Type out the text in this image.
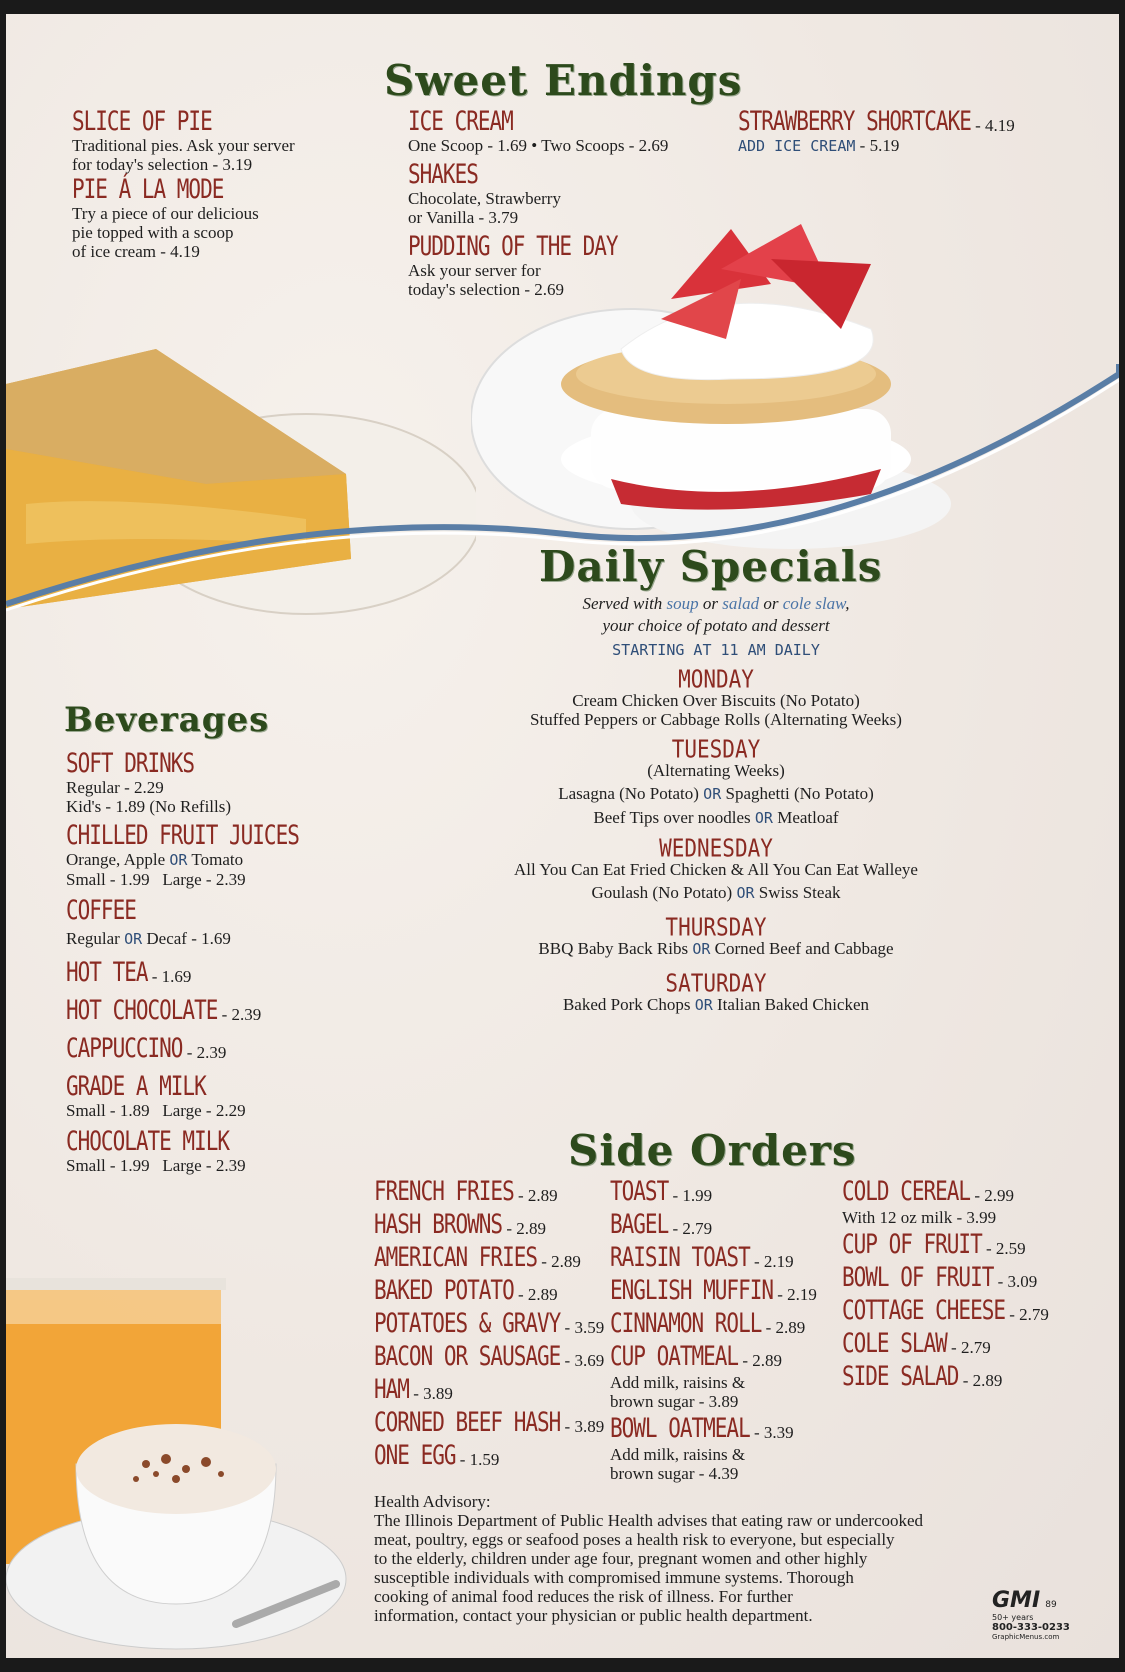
Sweet Endings
SLICE OF PIE
Traditional pies. Ask your server
for today's selection - 3.19
PIE Á LA MODE
Try a piece of our delicious
pie topped with a scoop
of ice cream - 4.19
ICE CREAM
One Scoop - 1.69 • Two Scoops - 2.69
SHAKES
Chocolate, Strawberry
or Vanilla - 3.79
PUDDING OF THE DAY
Ask your server for
today's selection - 2.69
STRAWBERRY SHORTCAKE - 4.19
ADD ICE CREAM - 5.19
Daily Specials
Served with soup or salad or cole slaw,
your choice of potato and dessert
STARTING AT 11 AM DAILY
MONDAY
Cream Chicken Over Biscuits (No Potato)
Stuffed Peppers or Cabbage Rolls (Alternating Weeks)
TUESDAY
(Alternating Weeks)
Lasagna (No Potato) OR Spaghetti (No Potato)
Beef Tips over noodles OR Meatloaf
WEDNESDAY
All You Can Eat Fried Chicken & All You Can Eat Walleye
Goulash (No Potato) OR Swiss Steak
THURSDAY
BBQ Baby Back Ribs OR Corned Beef and Cabbage
SATURDAY
Baked Pork Chops OR Italian Baked Chicken
Beverages
SOFT DRINKS
Regular - 2.29
Kid's - 1.89 (No Refills)
CHILLED FRUIT JUICES
Orange, Apple OR Tomato
Small - 1.99   Large - 2.39
COFFEE
Regular OR Decaf - 1.69
HOT TEA - 1.69
HOT CHOCOLATE - 2.39
CAPPUCCINO - 2.39
GRADE A MILK
Small - 1.89   Large - 2.29
CHOCOLATE MILK
Small - 1.99   Large - 2.39	Side Orders
FRENCH FRIES - 2.89
HASH BROWNS - 2.89
AMERICAN FRIES - 2.89
BAKED POTATO - 2.89
POTATOES & GRAVY - 3.59
BACON OR SAUSAGE - 3.69
HAM - 3.89
CORNED BEEF HASH - 3.89
ONE EGG - 1.59
TOAST - 1.99
BAGEL - 2.79
RAISIN TOAST - 2.19
ENGLISH MUFFIN - 2.19
CINNAMON ROLL - 2.89
CUP OATMEAL - 2.89
Add milk, raisins &
brown sugar - 3.89
BOWL OATMEAL - 3.39
Add milk, raisins &
brown sugar - 4.39
COLD CEREAL - 2.99
With 12 oz milk - 3.99
CUP OF FRUIT - 2.59
BOWL OF FRUIT - 3.09
COTTAGE CHEESE - 2.79
COLE SLAW - 2.79
SIDE SALAD - 2.89
Health Advisory:
The Illinois Department of Public Health advises that eating raw or undercooked
meat, poultry, eggs or seafood poses a health risk to everyone, but especially
to the elderly, children under age four, pregnant women and other highly
susceptible individuals with compromised immune systems. Thorough
cooking of animal food reduces the risk of illness. For further
information, contact your physician or public health department.
GMI 89
50+ years
800-333-0233
GraphicMenus.com
